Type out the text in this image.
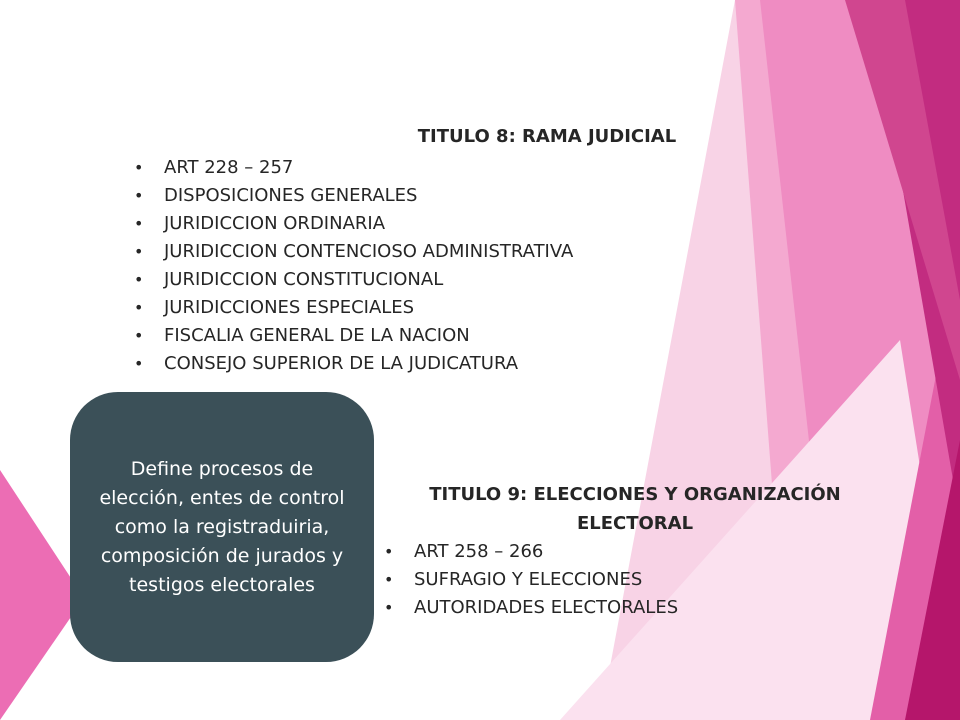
TITULO 8: RAMA JUDICIAL

• ART 228 – 257
• DISPOSICIONES GENERALES
• JURIDICCION ORDINARIA
• JURIDICCION CONTENCIOSO ADMINISTRATIVA
• JURIDICCION CONSTITUCIONAL
• JURIDICCIONES ESPECIALES
• FISCALIA GENERAL DE LA NACION
• CONSEJO SUPERIOR DE LA JUDICATURA

Define procesos de elección, entes de control como la registraduiria, composición de jurados y testigos electorales

TITULO 9: ELECCIONES Y ORGANIZACIÓN

ELECTORAL

• ART 258 – 266
• SUFRAGIO Y ELECCIONES
• AUTORIDADES ELECTORALES
